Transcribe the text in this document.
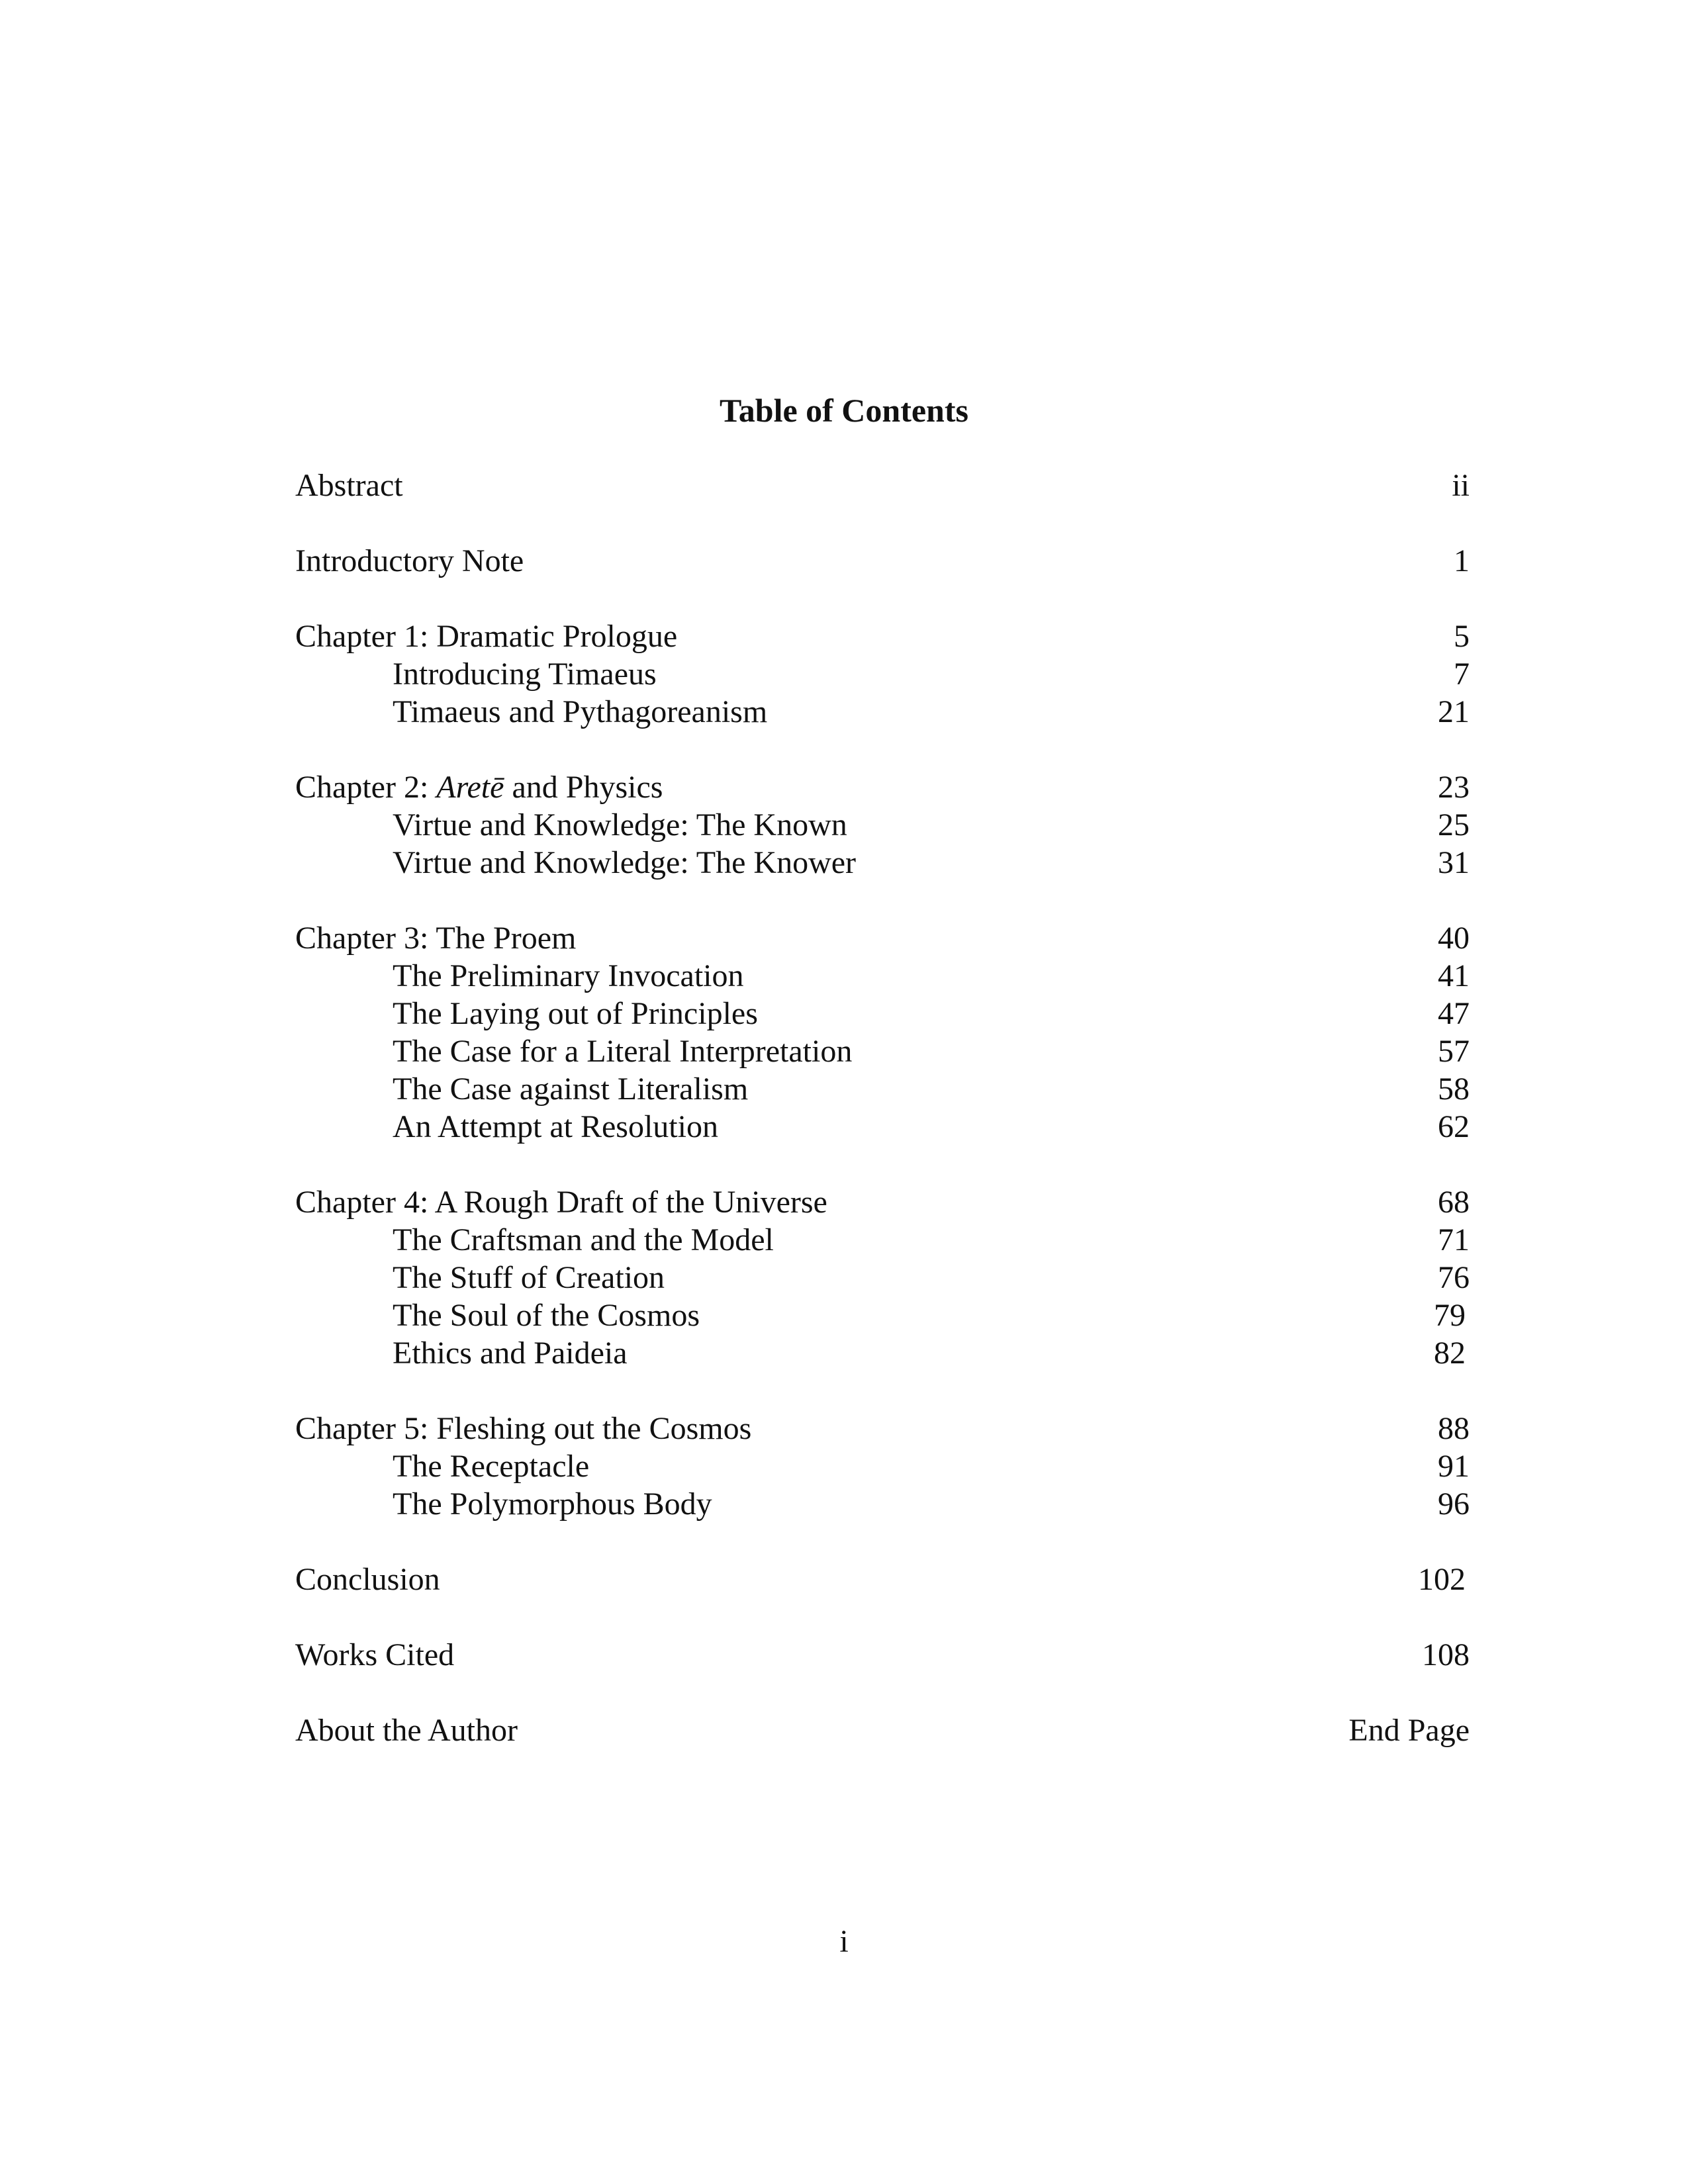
Table of Contents
Abstract	ii
Introductory Note	1
Chapter 1: Dramatic Prologue	5
Introducing Timaeus	7
Timaeus and Pythagoreanism	21
Chapter 2: Aretē and Physics	23
Virtue and Knowledge: The Known	25
Virtue and Knowledge: The Knower	31
Chapter 3: The Proem	40
The Preliminary Invocation	41
The Laying out of Principles	47
The Case for a Literal Interpretation	57
The Case against Literalism	58
An Attempt at Resolution	62
Chapter 4: A Rough Draft of the Universe	68
The Craftsman and the Model	71
The Stuff of Creation	76
The Soul of the Cosmos	79
Ethics and Paideia	82
Chapter 5: Fleshing out the Cosmos	88
The Receptacle	91
The Polymorphous Body	96
Conclusion	102
Works Cited	108
About the Author	End Page
i
